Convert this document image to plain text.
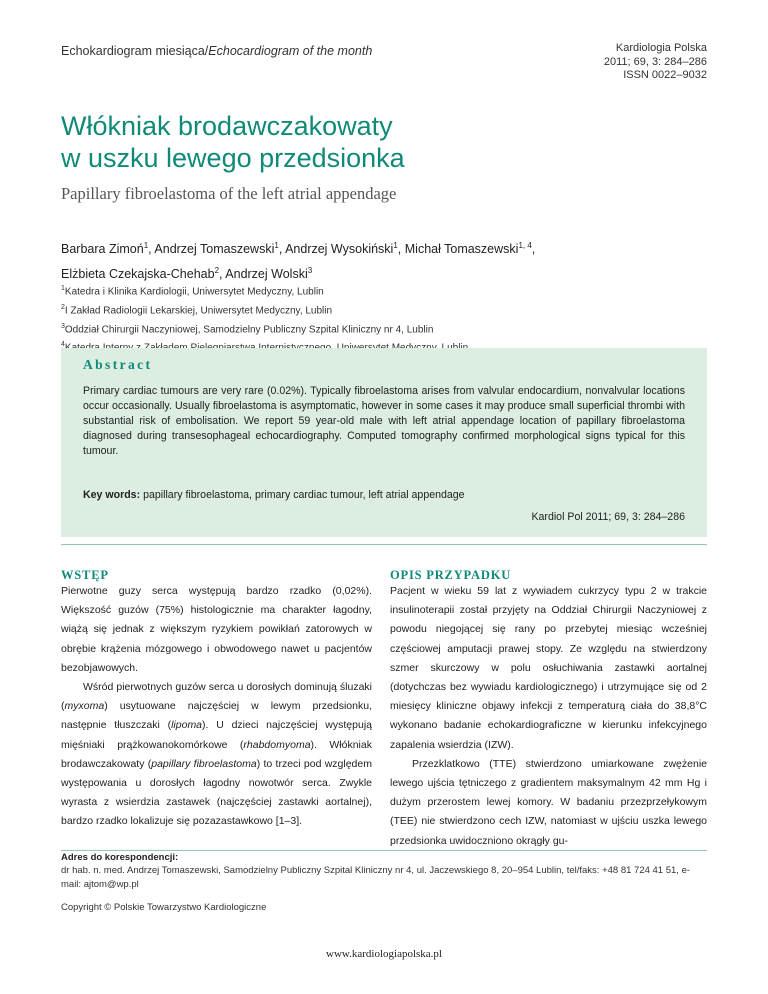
Echokardiogram miesiąca/Echocardiogram of the month	Kardiologia Polska
2011; 69, 3: 284–286
ISSN 0022–9032
Włókniak brodawczakowaty
w uszku lewego przedsionka
Papillary fibroelastoma of the left atrial appendage
Barbara Zimoń$^1$, Andrzej Tomaszewski$^1$, Andrzej Wysokiński$^1$, Michał Tomaszewski$^{1, 4}$,
Elżbieta Czekajska-Chehab$^2$, Andrzej Wolski$^3$
$^1$Katedra i Klinika Kardiologii, Uniwersytet Medyczny, Lublin
$^2$I Zakład Radiologii Lekarskiej, Uniwersytet Medyczny, Lublin
$^3$Oddział Chirurgii Naczyniowej, Samodzielny Publiczny Szpital Kliniczny nr 4, Lublin
$^4$
Abstract
Primary cardiac tumours are very rare (0.02%). Typically fibroelastoma arises from valvular endocardium, nonvalvular locations occur occasionally. Usually fibroelastoma is asymptomatic, however in some cases it may produce small superficial thrombi with substantial risk of embolisation. We report 59 year-old male with left atrial appendage location of papillary fibroelastoma diagnosed during transesophageal echocardiography. Computed tomography confirmed morphological signs typical for this tumour.
Key words: papillary fibroelastoma, primary cardiac tumour, left atrial appendage
Kardiol Pol 2011; 69, 3: 284–286
WSTĘP

Pierwotne guzy serca występują bardzo rzadko (0,02%). Większość guzów (75%) histologicznie ma charakter łagodny, wiążą się jednak z większym ryzykiem powikłań zatorowych w obrębie krążenia mózgowego i obwodowego nawet u pacjentów bezobjawowych.

Wśród pierwotnych guzów serca u dorosłych dominują śluzaki (myxoma) usytuowane najczęściej w lewym przedsionku, następnie tłuszczaki (lipoma). U dzieci najczęściej występują mięśniaki prążkowanokomórkowe (rhabdomyoma). Włókniak brodawczakowaty (papillary fibroelastoma) to trzeci pod względem występowania u dorosłych łagodny nowotwór serca. Zwykle wyrasta z wsierdzia zastawek (najczęściej zastawki aortalnej), bardzo rzadko lokalizuje się pozazastawkowo [1–3].

OPIS PRZYPADKU

Pacjent w wieku 59 lat z wywiadem cukrzycy typu 2 w trakcie insulinoterapii został przyjęty na Oddział Chirurgii Naczyniowej z powodu niegojącej się rany po przebytej miesiąc wcześniej częściowej amputacji prawej stopy. Ze względu na stwierdzony szmer skurczowy w polu osłuchiwania zastawki aortalnej (dotychczas bez wywiadu kardiologicznego) i utrzymujące się od 2 miesięcy kliniczne objawy infekcji z temperaturą ciała do 38,8°C wykonano badanie echokardiograficzne w kierunku infekcyjnego zapalenia wsierdzia (IZW).

Przezklatkowo (TTE) stwierdzono umiarkowane zwężenie lewego ujścia tętniczego z gradientem maksymalnym 42 mm Hg i dużym przerostem lewej komory. W badaniu przezprzełykowym (TEE) nie stwierdzono cech IZW, natomiast w ujściu uszka lewego przedsionka uwidoczniono okrągły gu-

Adres do korespondencji:
dr hab. n. med. Andrzej Tomaszewski, Samodzielny Publiczny Szpital Kliniczny nr 4, ul. Jaczewskiego 8, 20–954 Lublin, tel/faks: +48 81 724 41 51, e-mail: ajtom@wp.pl
Copyright © Polskie Towarzystwo Kardiologiczne
www.kardiologiapolska.pl
